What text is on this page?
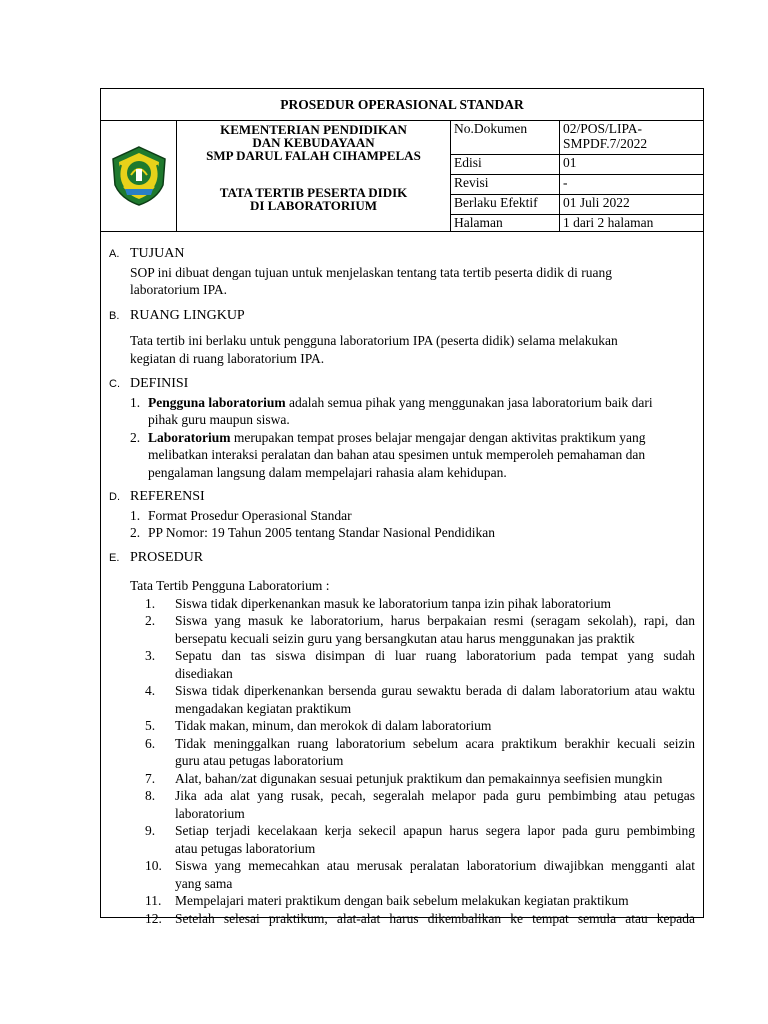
PROSEDUR OPERASIONAL STANDAR
KEMENTERIAN PENDIDIKAN
DAN KEBUDAYAAN
SMP DARUL FALAH CIHAMPELAS
TATA TERTIB PESERTA DIDIK
DI LABORATORIUM
No.Dokumen	02/POS/LIPA-
SMPDF.7/2022
Edisi	01
Revisi	-
Berlaku Efektif	01 Juli 2022
Halaman	1 dari 2 halaman
A. TUJUAN
SOP ini dibuat dengan tujuan untuk menjelaskan tentang tata tertib peserta didik di ruang
laboratorium IPA.
B. RUANG LINGKUP
Tata tertib ini berlaku untuk pengguna laboratorium IPA (peserta didik) selama melakukan
kegiatan di ruang laboratorium IPA.
C. DEFINISI
1. Pengguna laboratorium adalah semua pihak yang menggunakan jasa laboratorium baik dari
pihak guru maupun siswa.
2. Laboratorium merupakan tempat proses belajar mengajar dengan aktivitas praktikum yang
melibatkan interaksi peralatan dan bahan atau spesimen untuk memperoleh pemahaman dan
pengalaman langsung dalam mempelajari rahasia alam kehidupan.
D. REFERENSI
1. Format Prosedur Operasional Standar
2. PP Nomor: 19 Tahun 2005 tentang Standar Nasional Pendidikan
E. PROSEDUR
Tata Tertib Pengguna Laboratorium :
1.	Siswa tidak diperkenankan masuk ke laboratorium tanpa izin pihak laboratorium
2.	Siswa yang masuk ke laboratorium, harus berpakaian resmi (seragam sekolah), rapi, dan
bersepatu kecuali seizin guru yang bersangkutan atau harus menggunakan jas praktik
3.	Sepatu dan tas siswa disimpan di luar ruang laboratorium pada tempat yang sudah
disediakan
4.	Siswa tidak diperkenankan bersenda gurau sewaktu berada di dalam laboratorium atau waktu
mengadakan kegiatan praktikum
5.	Tidak makan, minum, dan merokok di dalam laboratorium
6.	Tidak meninggalkan ruang laboratorium sebelum acara praktikum berakhir kecuali seizin
guru atau petugas laboratorium
7.	Alat, bahan/zat digunakan sesuai petunjuk praktikum dan pemakainnya seefisien mungkin
8.	Jika ada alat yang rusak, pecah, segeralah melapor pada guru pembimbing atau petugas
laboratorium
9.	Setiap terjadi kecelakaan kerja sekecil apapun harus segera lapor pada guru pembimbing
atau petugas laboratorium
10. Siswa yang memecahkan atau merusak peralatan laboratorium diwajibkan mengganti alat
yang sama
11.	Mempelajari materi praktikum dengan baik sebelum melakukan kegiatan praktikum
12. Setelah selesai praktikum, alat-alat harus dikembalikan ke tempat semula atau kepada
